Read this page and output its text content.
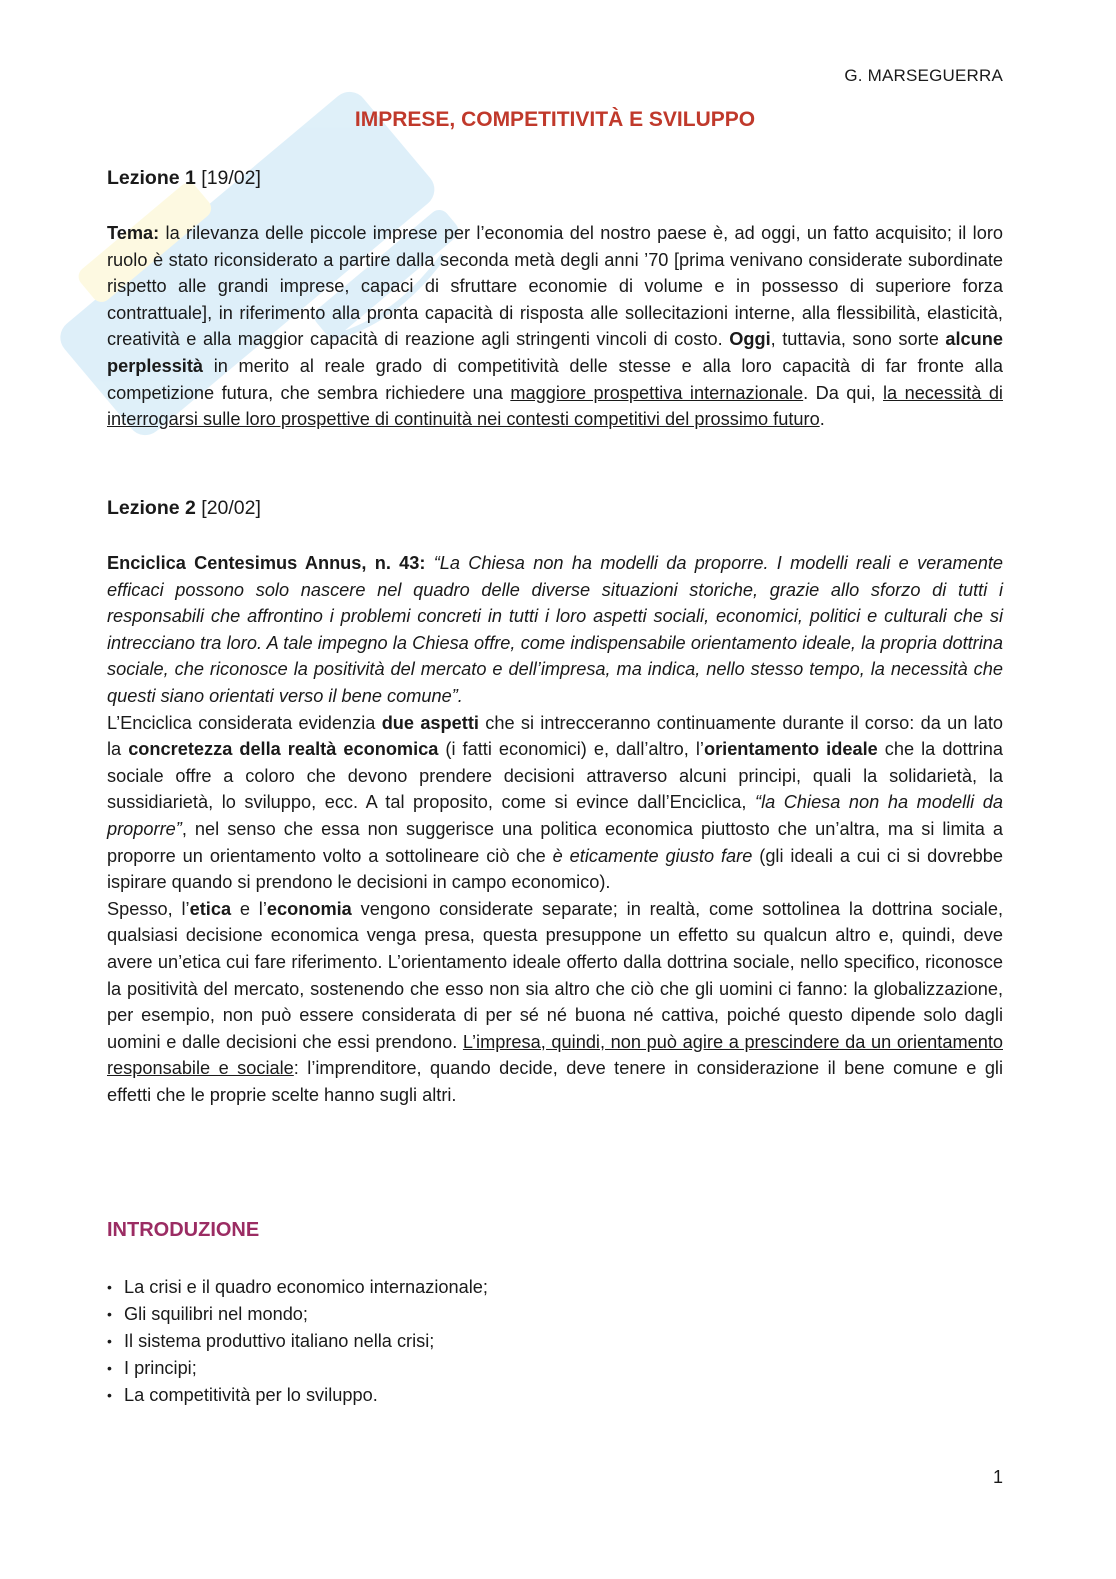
G. MARSEGUERRA
IMPRESE, COMPETITIVITÀ E SVILUPPO
Lezione 1 [19/02]

Tema: la rilevanza delle piccole imprese per l’economia del nostro paese è, ad oggi, un fatto acquisito; il loro ruolo è stato riconsiderato a partire dalla seconda metà degli anni ’70 [prima venivano considerate subordinate rispetto alle grandi imprese, capaci di sfruttare economie di volume e in possesso di superiore forza contrattuale], in riferimento alla pronta capacità di risposta alle sollecitazioni interne, alla flessibilità, elasticità, creatività e alla maggior capacità di reazione agli stringenti vincoli di costo. Oggi, tuttavia, sono sorte alcune perplessità in merito al reale grado di competitività delle stesse e alla loro capacità di far fronte alla competizione futura, che sembra richiedere una maggiore prospettiva internazionale. Da qui, la necessità di interrogarsi sulle loro prospettive di continuità nei contesti competitivi del prossimo futuro.

Lezione 2 [20/02]

Enciclica Centesimus Annus, n. 43: “La Chiesa non ha modelli da proporre. I modelli reali e veramente efficaci possono solo nascere nel quadro delle diverse situazioni storiche, grazie allo sforzo di tutti i responsabili che affrontino i problemi concreti in tutti i loro aspetti sociali, economici, politici e culturali che si intrecciano tra loro. A tale impegno la Chiesa offre, come indispensabile orientamento ideale, la propria dottrina sociale, che riconosce la positività del mercato e dell’impresa, ma indica, nello stesso tempo, la necessità che questi siano orientati verso il bene comune”.

L’Enciclica considerata evidenzia due aspetti che si intrecceranno continuamente durante il corso: da un lato la concretezza della realtà economica (i fatti economici) e, dall’altro, l’orientamento ideale che la dottrina sociale offre a coloro che devono prendere decisioni attraverso alcuni principi, quali la solidarietà, la sussidiarietà, lo sviluppo, ecc. A tal proposito, come si evince dall’Enciclica, “la Chiesa non ha modelli da proporre”, nel senso che essa non suggerisce una politica economica piuttosto che un’altra, ma si limita a proporre un orientamento volto a sottolineare ciò che è eticamente giusto fare (gli ideali a cui ci si dovrebbe ispirare quando si prendono le decisioni in campo economico).

Spesso, l’etica e l’economia vengono considerate separate; in realtà, come sottolinea la dottrina sociale, qualsiasi decisione economica venga presa, questa presuppone un effetto su qualcun altro e, quindi, deve avere un’etica cui fare riferimento. L’orientamento ideale offerto dalla dottrina sociale, nello specifico, riconosce la positività del mercato, sostenendo che esso non sia altro che ciò che gli uomini ci fanno: la globalizzazione, per esempio, non può essere considerata di per sé né buona né cattiva, poiché questo dipende solo dagli uomini e dalle decisioni che essi prendono. L’impresa, quindi, non può agire a prescindere da un orientamento responsabile e sociale: l’imprenditore, quando decide, deve tenere in considerazione il bene comune e gli effetti che le proprie scelte hanno sugli altri.

INTRODUZIONE
• La crisi e il quadro economico internazionale;
• Gli squilibri nel mondo;
• Il sistema produttivo italiano nella crisi;
• I principi;
• La competitività per lo sviluppo.
1
